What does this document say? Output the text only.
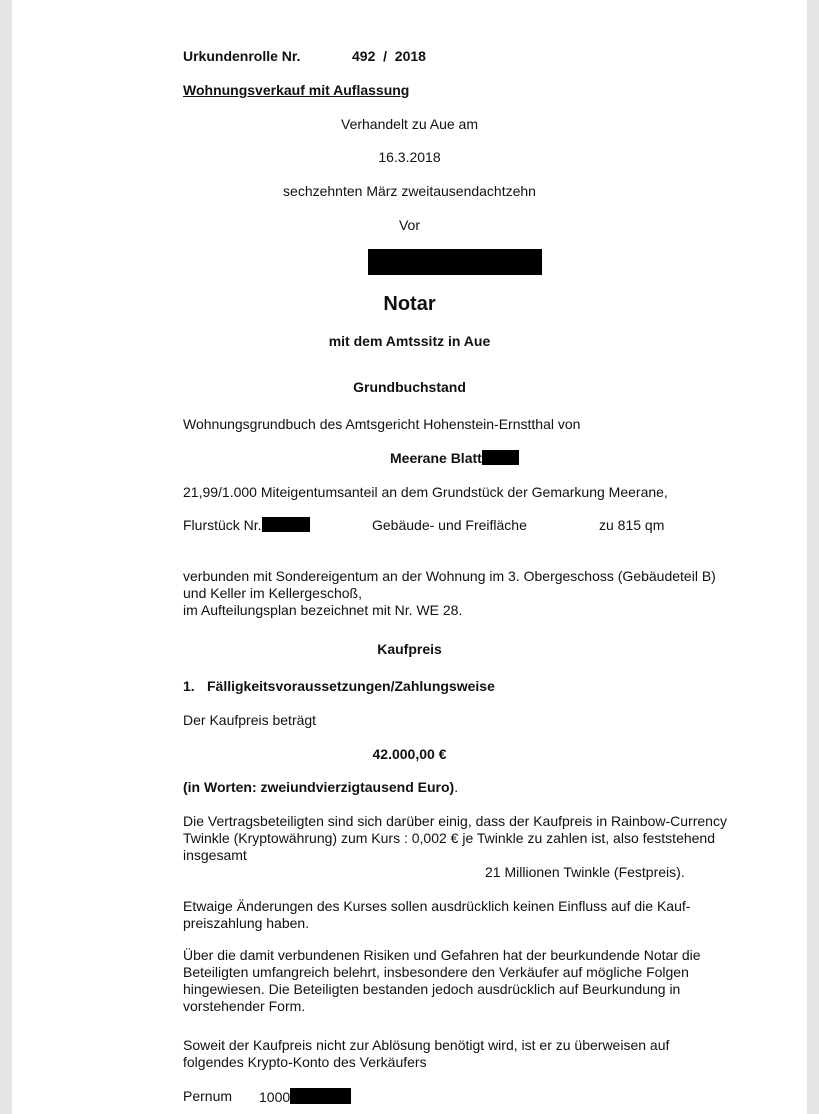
Urkundenrolle Nr.	492  /  2018
Wohnungsverkauf mit Auflassung
Verhandelt zu Aue am
16.3.2018
sechzehnten März zweitausendachtzehn
Vor
Notar
mit dem Amtssitz in Aue
Grundbuchstand
Wohnungsgrundbuch des Amtsgericht Hohenstein-Ernstthal von
Meerane Blatt
21,99/1.000 Miteigentumsanteil an dem Grundstück der Gemarkung Meerane,
Flurstück Nr.	Gebäude- und Freifläche	zu 815 qm
verbunden mit Sondereigentum an der Wohnung im 3. Obergeschoss (Gebäudeteil B) und Keller im Kellergeschoß,
im Aufteilungsplan bezeichnet mit Nr. WE 28.
Kaufpreis
1. Fälligkeitsvoraussetzungen/Zahlungsweise
Der Kaufpreis beträgt
42.000,00 €
(in Worten: zweiundvierzigtausend Euro).
Die Vertragsbeteiligten sind sich darüber einig, dass der Kaufpreis in Rainbow-Currency Twinkle (Kryptowährung) zum Kurs : 0,002 € je Twinkle zu zahlen ist, also feststehend insgesamt
21 Millionen Twinkle (Festpreis).
Etwaige Änderungen des Kurses sollen ausdrücklich keinen Einfluss auf die Kauf-preiszahlung haben.
Über die damit verbundenen Risiken und Gefahren hat der beurkundende Notar die Beteiligten umfangreich belehrt, insbesondere den Verkäufer auf mögliche Folgen hingewiesen. Die Beteiligten bestanden jedoch ausdrücklich auf Beurkundung in vorstehender Form.
Soweit der Kaufpreis nicht zur Ablösung benötigt wird, ist er zu überweisen auf folgendes Krypto-Konto des Verkäufers
Pernum 1000
